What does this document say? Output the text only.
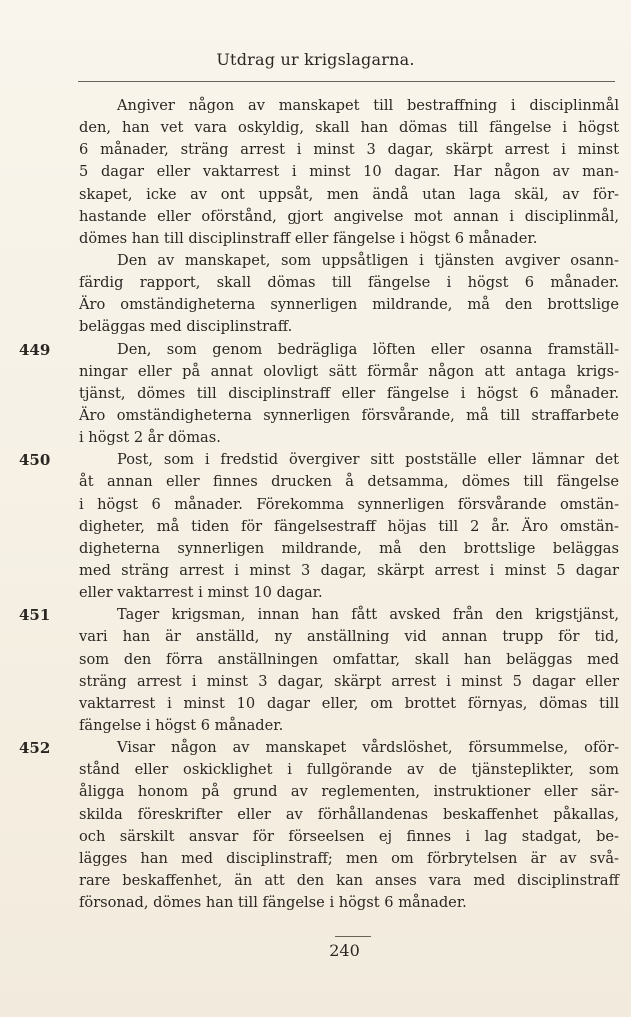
Utdrag ur krigslagarna.
Angiver någon av manskapet till bestraffning i disciplinmål
den, han vet vara oskyldig, skall han dömas till fängelse i högst
6 månader, sträng arrest i minst 3 dagar, skärpt arrest i minst
5 dagar eller vaktarrest i minst 10 dagar. Har någon av man-
skapet, icke av ont uppsåt, men ändå utan laga skäl, av för-
hastande eller oförstånd, gjort angivelse mot annan i disciplinmål,
dömes han till disciplinstraff eller fängelse i högst 6 månader.
Den av manskapet, som uppsåtligen i tjänsten avgiver osann-
färdig rapport, skall dömas till fängelse i högst 6 månader.
Äro omständigheterna synnerligen mildrande, må den brottslige
beläggas med disciplinstraff.
449	Den, som genom bedrägliga löften eller osanna framställ-
ningar eller på annat olovligt sätt förmår någon att antaga krigs-
tjänst, dömes till disciplinstraff eller fängelse i högst 6 månader.
Äro omständigheterna synnerligen försvårande, må till straffarbete
i högst 2 år dömas.
450	Post, som i fredstid övergiver sitt postställe eller lämnar det
åt annan eller finnes drucken å detsamma, dömes till fängelse
i högst 6 månader. Förekomma synnerligen försvårande omstän-
digheter, må tiden för fängelsestraff höjas till 2 år. Äro omstän-
digheterna synnerligen mildrande, må den brottslige beläggas
med sträng arrest i minst 3 dagar, skärpt arrest i minst 5 dagar
eller vaktarrest i minst 10 dagar.
451	Tager krigsman, innan han fått avsked från den krigstjänst,
vari han är anställd, ny anställning vid annan trupp för tid,
som den förra anställningen omfattar, skall han beläggas med
sträng arrest i minst 3 dagar, skärpt arrest i minst 5 dagar eller
vaktarrest i minst 10 dagar eller, om brottet förnyas, dömas till
fängelse i högst 6 månader.
452	Visar någon av manskapet vårdslöshet, försummelse, oför-
stånd eller oskicklighet i fullgörande av de tjänsteplikter, som
åligga honom på grund av reglementen, instruktioner eller sär-
skilda föreskrifter eller av förhållandenas beskaffenhet påkallas,
och särskilt ansvar för förseelsen ej finnes i lag stadgat, be-
lägges han med disciplinstraff; men om förbrytelsen är av svå-
rare beskaffenhet, än att den kan anses vara med disciplinstraff
försonad, dömes han till fängelse i högst 6 månader.
240
